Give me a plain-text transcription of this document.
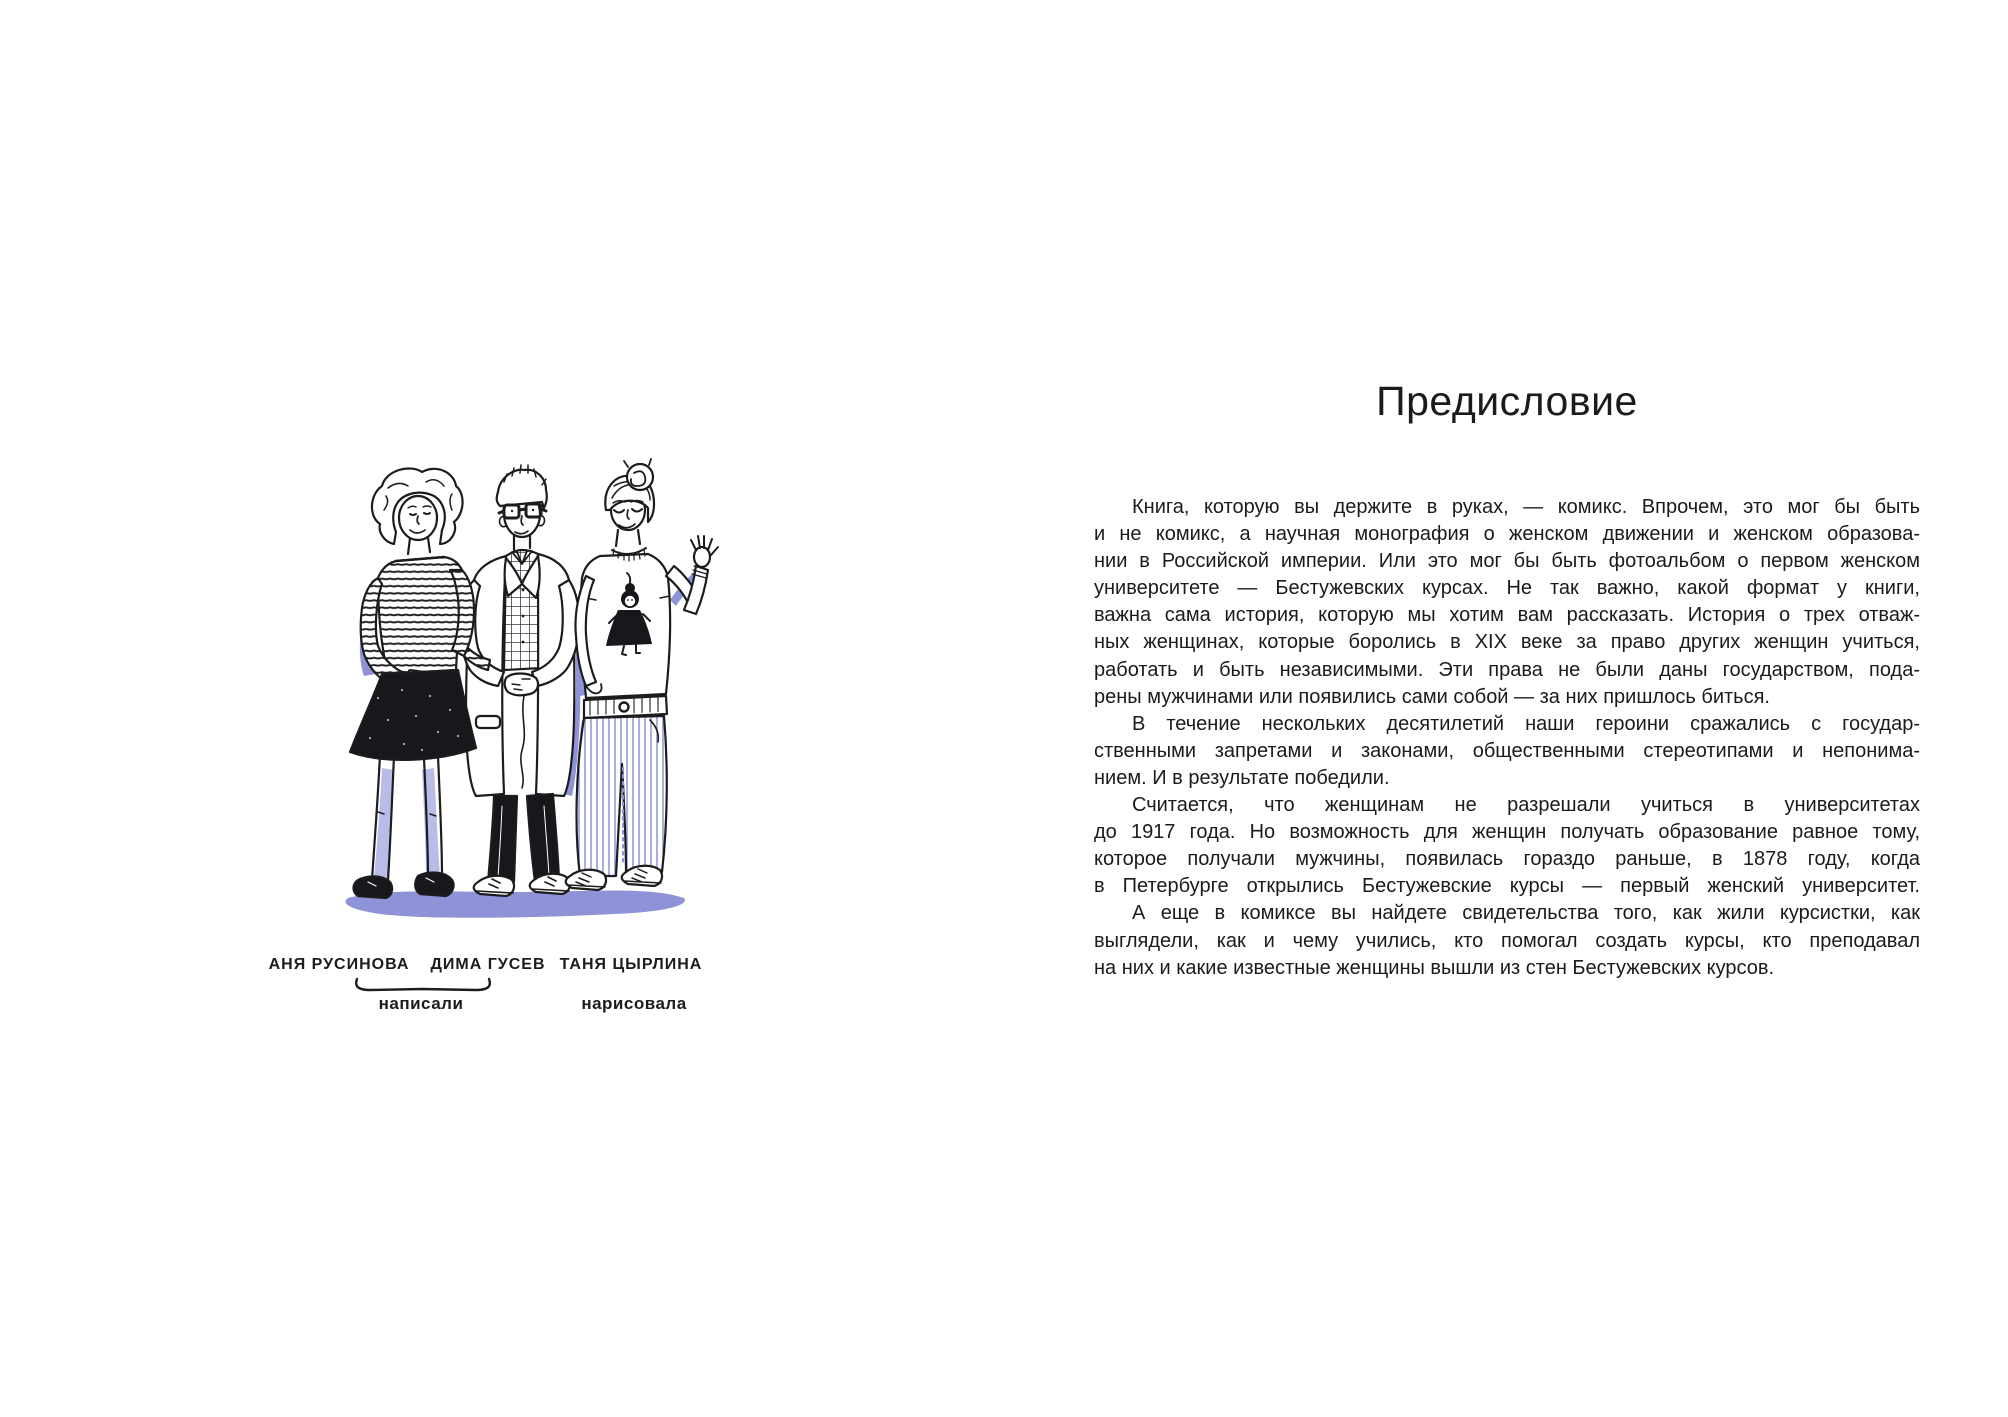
АНЯ РУСИНОВА ДИМА ГУСЕВ ТАНЯ ЦЫРЛИНА
написали	нарисовала
Предисловие
Книга, которую вы держите в руках, — комикс. Впрочем, это мог бы быть
и не комикс, а научная монография о женском движении и женском образова-
нии в Российской империи. Или это мог бы быть фотоальбом о первом женском
университете — Бестужевских курсах. Не так важно, какой формат у книги,
важна сама история, которую мы хотим вам рассказать. История о трех отваж-
ных женщинах, которые боролись в XIX веке за право других женщин учиться,
работать и быть независимыми. Эти права не были даны государством, пода-
рены мужчинами или появились сами собой — за них пришлось биться.
В течение нескольких десятилетий наши героини сражались с государ-
ственными запретами и законами, общественными стереотипами и непонима-
нием. И в результате победили.
Считается, что женщинам не разрешали учиться в университетах
до 1917 года. Но возможность для женщин получать образование равное тому,
которое получали мужчины, появилась гораздо раньше, в 1878 году, когда
в Петербурге открылись Бестужевские курсы — первый женский университет.
А еще в комиксе вы найдете свидетельства того, как жили курсистки, как
выглядели, как и чему учились, кто помогал создать курсы, кто преподавал
на них и какие известные женщины вышли из стен Бестужевских курсов.
